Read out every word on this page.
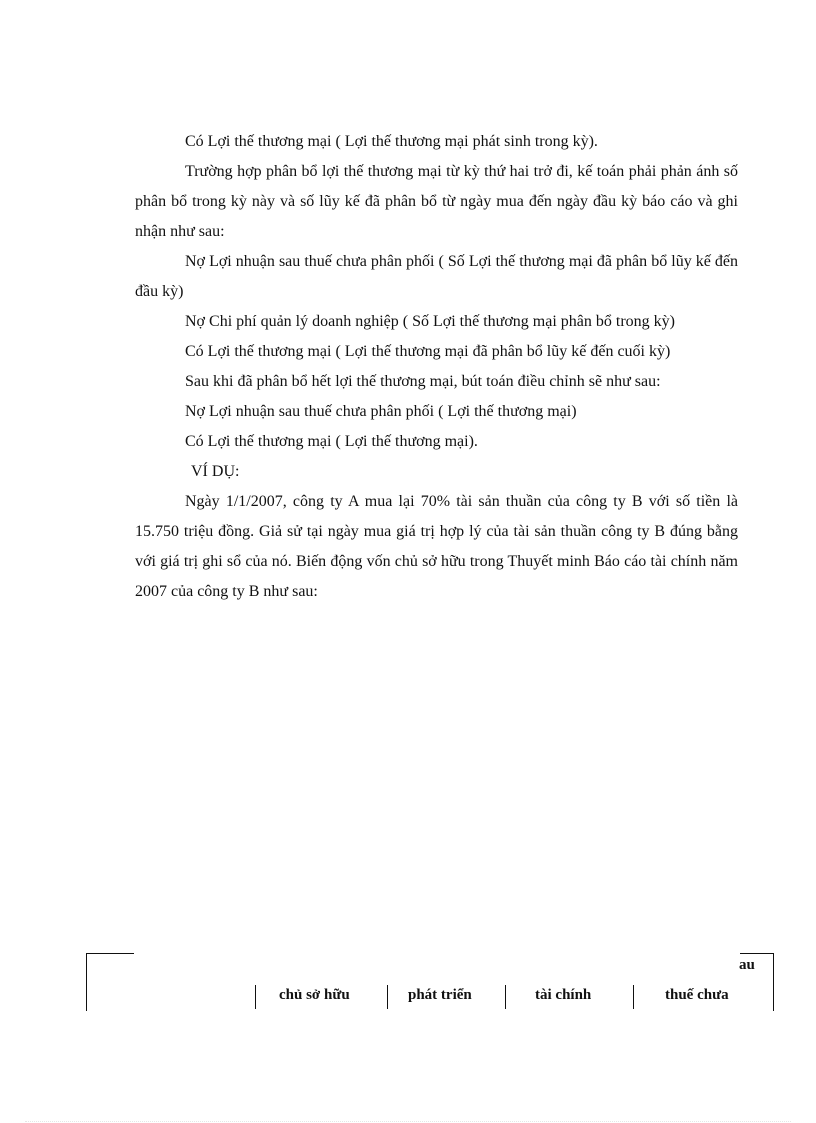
Có Lợi thế thương mại ( Lợi thế thương mại phát sinh trong kỳ).

Trường hợp phân bổ lợi thế thương mại từ kỳ thứ hai trở đi, kế toán phải phản ánh số phân bổ trong kỳ này và số lũy kế đã phân bổ từ ngày mua đến ngày đầu kỳ báo cáo và ghi nhận như sau:

Nợ Lợi nhuận sau thuế chưa phân phối ( Số Lợi thế thương mại đã phân bổ lũy kế đến đầu kỳ)

Nợ Chi phí quản lý doanh nghiệp ( Số Lợi thế thương mại phân bổ trong kỳ)

Có Lợi thế thương mại ( Lợi thế thương mại đã phân bổ lũy kế đến cuối kỳ)

Sau khi đã phân bổ hết lợi thế thương mại, bút toán điều chỉnh sẽ như sau:

Nợ Lợi nhuận sau thuế chưa phân phối ( Lợi thế thương mại)

Có Lợi thế thương mại ( Lợi thế thương mại).

VÍ DỤ:

Ngày 1/1/2007, công ty A mua lại 70% tài sản thuần của công ty B với số tiền là 15.750 triệu đồng. Giả sử tại ngày mua giá trị hợp lý của tài sản thuần công ty B đúng bằng với giá trị ghi sổ của nó. Biến động vốn chủ sở hữu trong Thuyết minh Báo cáo tài chính năm 2007 của công ty B như sau:

au
chủ sở hữu	phát triển	tài chính	thuế chưa
